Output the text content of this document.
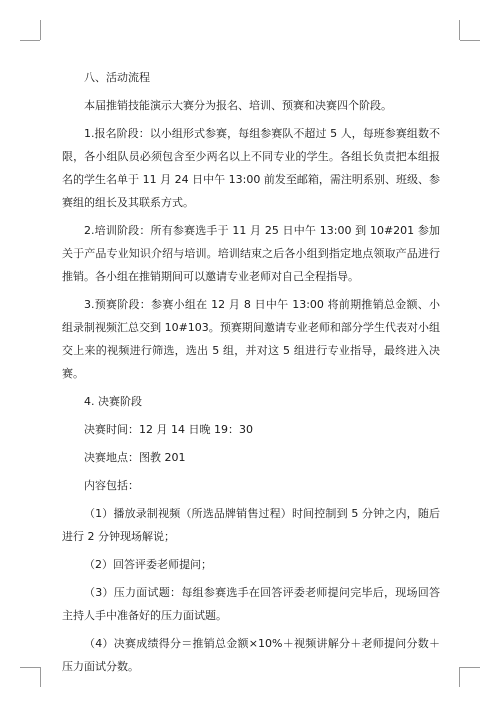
八、活动流程

本届推销技能演示大赛分为报名、培训、预赛和决赛四个阶段。

1.报名阶段：以小组形式参赛，每组参赛队不超过 5 人，每班参赛组数不限，各小组队员必须包含至少两名以上不同专业的学生。各组长负责把本组报名的学生名单于 11 月 24 日中午 13:00 前发至邮箱，需注明系别、班级、参赛组的组长及其联系方式。

2.培训阶段：所有参赛选手于 11 月 25 日中午 13:00 到 10#201 参加关于产品专业知识介绍与培训。培训结束之后各小组到指定地点领取产品进行推销。各小组在推销期间可以邀请专业老师对自己全程指导。

3.预赛阶段：参赛小组在 12 月 8 日中午 13:00 将前期推销总金额、小组录制视频汇总交到 10#103。预赛期间邀请专业老师和部分学生代表对小组交上来的视频进行筛选，选出 5 组，并对这 5 组进行专业指导，最终进入决赛。

4. 决赛阶段

决赛时间：12 月 14 日晚 19：30

决赛地点：图教 201

内容包括：

（1）播放录制视频（所选品牌销售过程）时间控制到 5 分钟之内，随后进行 2 分钟现场解说；

（2）回答评委老师提问；

（3）压力面试题：每组参赛选手在回答评委老师提问完毕后，现场回答主持人手中准备好的压力面试题。

（4）决赛成绩得分＝推销总金额×10%＋视频讲解分＋老师提问分数＋压力面试分数。
